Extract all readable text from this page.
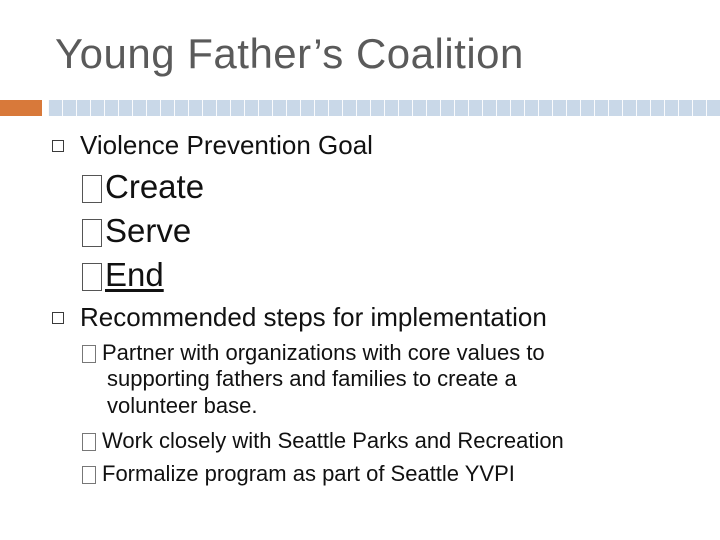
Young Father’s Coalition
Violence Prevention Goal
Create
Serve
End
Recommended steps for implementation
Partner with organizations with core values to
supporting fathers and families to create a
volunteer base.
Work closely with Seattle Parks and Recreation
Formalize program as part of Seattle YVPI
